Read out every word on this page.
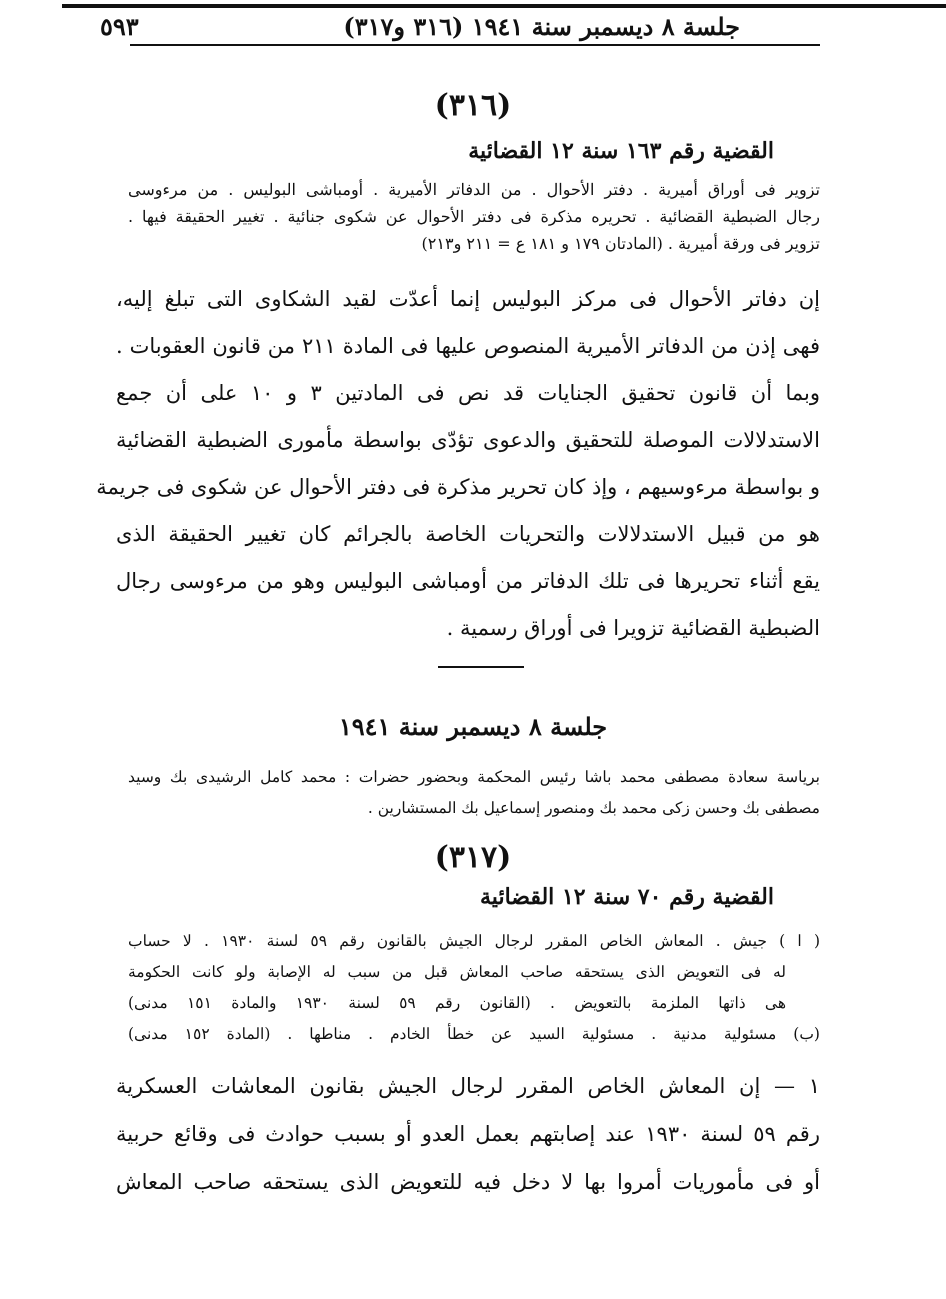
جلسة ٨ ديسمبر سنة ١٩٤١ (٣١٦ و٣١٧)
٥٩٣
(٣١٦)
القضية رقم ١٦٣ سنة ١٢ القضائية
تزوير فى أوراق أميرية . دفتر الأحوال . من الدفاتر الأميرية . أومباشى البوليس . من مرءوسى
رجال الضبطية القضائية . تحريره مذكرة فى دفتر الأحوال عن شكوى جنائية . تغيير الحقيقة فيها .
تزوير فى ورقة أميرية . (المادتان ١٧٩ و ١٨١ ع = ٢١١ و٢١٣)
إن دفاتر الأحوال فى مركز البوليس إنما أعدّت لقيد الشكاوى التى تبلغ إليه،
فهى إذن من الدفاتر الأميرية المنصوص عليها فى المادة ٢١١ من قانون العقوبات .
وبما أن قانون تحقيق الجنايات قد نص فى المادتين ٣ و ١٠ على أن جمع
الاستدلالات الموصلة للتحقيق والدعوى تؤدّى بواسطة مأمورى الضبطية القضائية
و بواسطة مرءوسيهم ، وإذ كان تحرير مذكرة فى دفتر الأحوال عن شكوى فى جريمة
هو من قبيل الاستدلالات والتحريات الخاصة بالجرائم كان تغيير الحقيقة الذى
يقع أثناء تحريرها فى تلك الدفاتر من أومباشى البوليس وهو من مرءوسى رجال
الضبطية القضائية تزويرا فى أوراق رسمية .
جلسة ٨ ديسمبر سنة ١٩٤١
برياسة سعادة مصطفى محمد باشا رئيس المحكمة وبحضور حضرات : محمد كامل الرشيدى بك وسيد
مصطفى بك وحسن زكى محمد بك ومنصور إسماعيل بك المستشارين .
(٣١٧)
القضية رقم ٧٠ سنة ١٢ القضائية
( ا ) جيش . المعاش الخاص المقرر لرجال الجيش بالقانون رقم ٥٩ لسنة ١٩٣٠ . لا حساب
له فى التعويض الذى يستحقه صاحب المعاش قبل من سبب له الإصابة ولو كانت الحكومة
هى ذاتها الملزمة بالتعويض . (القانون رقم ٥٩ لسنة ١٩٣٠ والمادة ١٥١ مدنى)
(ب) مسئولية مدنية . مسئولية السيد عن خطأ الخادم . مناطها . (المادة ١٥٢ مدنى)
١ — إن المعاش الخاص المقرر لرجال الجيش بقانون المعاشات العسكرية
رقم ٥٩ لسنة ١٩٣٠ عند إصابتهم بعمل العدو أو بسبب حوادث فى وقائع حربية
أو فى مأموريات أمروا بها لا دخل فيه للتعويض الذى يستحقه صاحب المعاش
